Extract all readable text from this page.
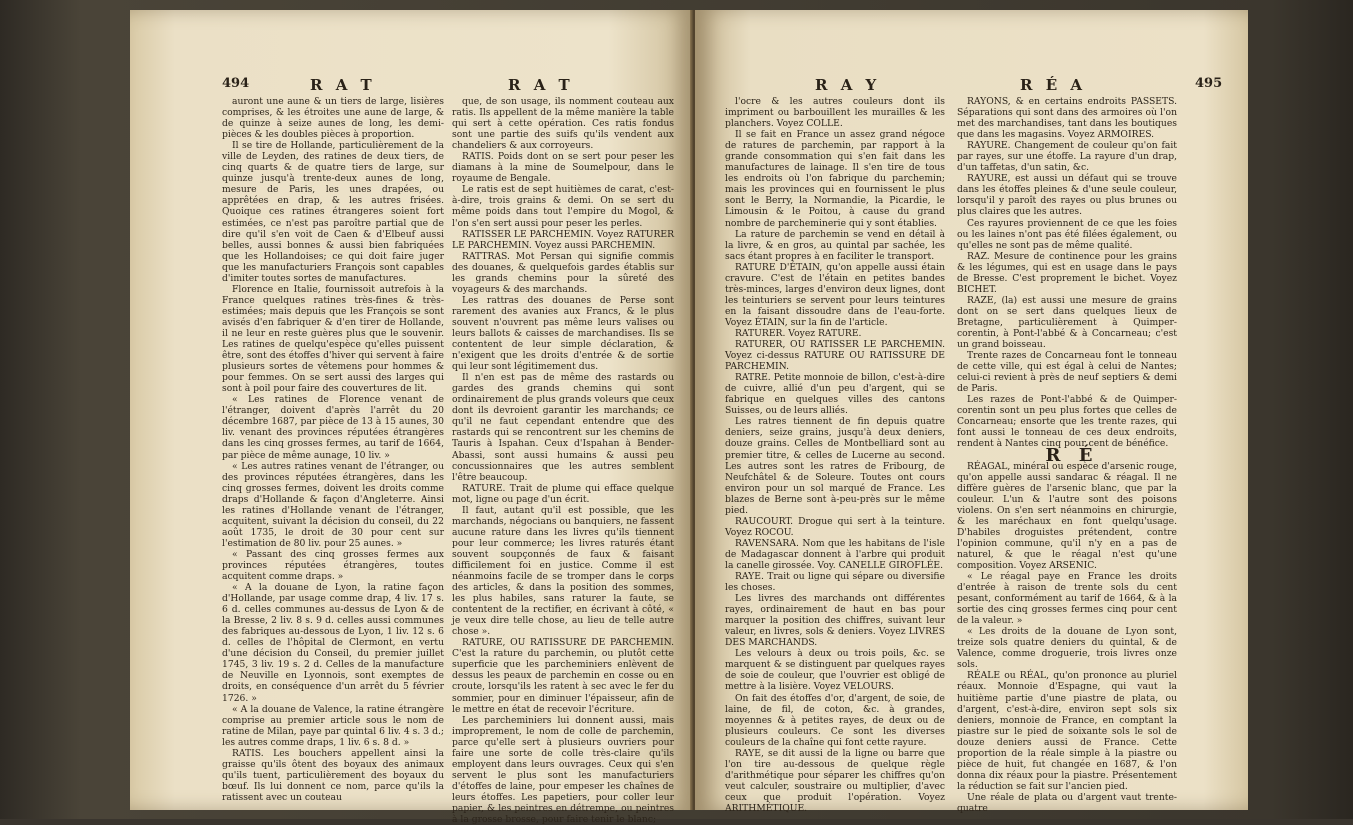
494	R A T	R A T

auront une aune & un tiers de large, lisières comprises, & les étroites une aune de large, & de quinze à seize aunes de long, les demi-pièces & les doubles pièces à proportion.

Il se tire de Hollande, particulièrement de la ville de Leyden, des ratines de deux tiers, de cinq quarts & de quatre tiers de large, sur quinze jusqu'à trente-deux aunes de long, mesure de Paris, les unes drapées, ou apprêtées en drap, & les autres frisées. Quoique ces ratines étrangeres soient fort estimées, ce n'est pas paroître partial que de dire qu'il s'en voit de Caen & d'Elbeuf aussi belles, aussi bonnes & aussi bien fabriquées que les Hollandoises; ce qui doit faire juger que les manufacturiers François sont capables d'imiter toutes sortes de manufactures.

Florence en Italie, fournissoit autrefois à la France quelques ratines très-fines & très-estimées; mais depuis que les François se sont avisés d'en fabriquer & d'en tirer de Hollande, il ne leur en reste guères plus que le souvenir. Les ratines de quelqu'espèce qu'elles puissent être, sont des étoffes d'hiver qui servent à faire plusieurs sortes de vêtemens pour hommes & pour femmes. On se sert aussi des larges qui sont à poil pour faire des couvertures de lit.

« Les ratines de Florence venant de l'étranger, doivent d'après l'arrêt du 20 décembre 1687, par pièce de 13 à 15 aunes, 30 liv. venant des provinces réputées étrangères dans les cinq grosses fermes, au tarif de 1664, par pièce de même aunage, 10 liv. »

« Les autres ratines venant de l'étranger, ou des provinces réputées étrangères, dans les cinq grosses fermes, doivent les droits comme draps d'Hollande & façon d'Angleterre. Ainsi les ratines d'Hollande venant de l'étranger, acquitent, suivant la décision du conseil, du 22 août 1735, le droit de 30 pour cent sur l'estimation de 80 liv. pour 25 aunes. »

« Passant des cinq grosses fermes aux provinces réputées étrangères, toutes acquitent comme draps. »

« A la douane de Lyon, la ratine façon d'Hollande, par usage comme drap, 4 liv. 17 s. 6 d. celles communes au-dessus de Lyon & de la Bresse, 2 liv. 8 s. 9 d. celles aussi communes des fabriques au-dessous de Lyon, 1 liv. 12 s. 6 d. celles de l'hôpital de Clermont, en vertu d'une décision du Conseil, du premier juillet 1745, 3 liv. 19 s. 2 d. Celles de la manufacture de Neuville en Lyonnois, sont exemptes de droits, en conséquence d'un arrêt du 5 février 1726. »

« A la douane de Valence, la ratine étrangère comprise au premier article sous le nom de ratine de Milan, paye par quintal 6 liv. 4 s. 3 d.; les autres comme draps, 1 liv. 6 s. 8 d. »

RATIS. Les bouchers appellent ainsi la graisse qu'ils ôtent des boyaux des animaux qu'ils tuent, particulièrement des boyaux du bœuf. Ils lui donnent ce nom, parce qu'ils la ratissent avec un couteau

que, de son usage, ils nomment couteau aux ratis. Ils appellent de la même manière la table qui sert à cette opération. Ces ratis fondus sont une partie des suifs qu'ils vendent aux chandeliers & aux corroyeurs.

RATIS. Poids dont on se sert pour peser les diamans à la mine de Soumelpour, dans le royaume de Bengale.

Le ratis est de sept huitièmes de carat, c'est-à-dire, trois grains & demi. On se sert du même poids dans tout l'empire du Mogol, & l'on s'en sert aussi pour peser les perles.

RATISSER LE PARCHEMIN. Voyez RATURER LE PARCHEMIN. Voyez aussi PARCHEMIN.

RATTRAS. Mot Persan qui signifie commis des douanes, & quelquefois gardes établis sur les grands chemins pour la sûreté des voyageurs & des marchands.

Les rattras des douanes de Perse sont rarement des avanies aux Francs, & le plus souvent n'ouvrent pas même leurs valises ou leurs ballots & caisses de marchandises. Ils se contentent de leur simple déclaration, & n'exigent que les droits d'entrée & de sortie qui leur sont légitimement dus.

Il n'en est pas de même des rastards ou gardes des grands chemins qui sont ordinairement de plus grands voleurs que ceux dont ils devroient garantir les marchands; ce qu'il ne faut cependant entendre que des rastards qui se rencontrent sur les chemins de Tauris à Ispahan. Ceux d'Ispahan à Bender-Abassi, sont aussi humains & aussi peu concussionnaires que les autres semblent l'être beaucoup.

RATURE. Trait de plume qui efface quelque mot, ligne ou page d'un écrit.

Il faut, autant qu'il est possible, que les marchands, négocians ou banquiers, ne fassent aucune rature dans les livres qu'ils tiennent pour leur commerce; les livres raturés étant souvent soupçonnés de faux & faisant difficilement foi en justice. Comme il est néanmoins facile de se tromper dans le corps des articles, & dans la position des sommes, les plus habiles, sans raturer la faute, se contentent de la rectifier, en écrivant à côté, « je veux dire telle chose, au lieu de telle autre chose ».

RATURE, OU RATISSURE DE PARCHEMIN. C'est la rature du parchemin, ou plutôt cette superficie que les parcheminiers enlèvent de dessus les peaux de parchemin en cosse ou en croute, lorsqu'ils les ratent à sec avec le fer du sommier, pour en diminuer l'épaisseur, afin de le mettre en état de recevoir l'écriture.

Les parcheminiers lui donnent aussi, mais improprement, le nom de colle de parchemin, parce qu'elle sert à plusieurs ouvriers pour faire une sorte de colle très-claire qu'ils employent dans leurs ouvrages. Ceux qui s'en servent le plus sont les manufacturiers d'étoffes de laine, pour empeser les chaînes de leurs étoffes. Les papetiers, pour coller leur papier, & les peintres en détrempe, ou peintres à la grosse brosse, pour faire tenir le blanc;

R A Y	R É A	495

l'ocre & les autres couleurs dont ils impriment ou barbouillent les murailles & les planchers. Voyez COLLE.

Il se fait en France un assez grand négoce de ratures de parchemin, par rapport à la grande consommation qui s'en fait dans les manufactures de lainage. Il s'en tire de tous les endroits où l'on fabrique du parchemin; mais les provinces qui en fournissent le plus sont le Berry, la Normandie, la Picardie, le Limousin & le Poitou, à cause du grand nombre de parcheminerie qui y sont établies.

La rature de parchemin se vend en détail à la livre, & en gros, au quintal par sachée, les sacs étant propres à en faciliter le transport.

RATURE D'ÉTAIN, qu'on appelle aussi étain cravure. C'est de l'étain en petites bandes très-minces, larges d'environ deux lignes, dont les teinturiers se servent pour leurs teintures en la faisant dissoudre dans de l'eau-forte. Voyez ÉTAIN, sur la fin de l'article.

RATURER. Voyez RATURE.

RATURER, OU RATISSER LE PARCHEMIN. Voyez ci-dessus RATURE OU RATISSURE DE PARCHEMIN.

RATRE. Petite monnoie de billon, c'est-à-dire de cuivre, allié d'un peu d'argent, qui se fabrique en quelques villes des cantons Suisses, ou de leurs alliés.

Les ratres tiennent de fin depuis quatre deniers, seize grains, jusqu'à deux deniers, douze grains. Celles de Montbelliard sont au premier titre, & celles de Lucerne au second. Les autres sont les ratres de Fribourg, de Neufchâtel & de Soleure. Toutes ont cours environ pour un sol marqué de France. Les blazes de Berne sont à-peu-près sur le même pied.

RAUCOURT. Drogue qui sert à la teinture. Voyez ROCOU.

RAVENSARA. Nom que les habitans de l'isle de Madagascar donnent à l'arbre qui produit la canelle girossée. Voy. CANELLE GIROFLÉE.

RAYE. Trait ou ligne qui sépare ou diversifie les choses.

Les livres des marchands ont différentes rayes, ordinairement de haut en bas pour marquer la position des chiffres, suivant leur valeur, en livres, sols & deniers. Voyez LIVRES DES MARCHANDS.

Les velours à deux ou trois poils, &c. se marquent & se distinguent par quelques rayes de soie de couleur, que l'ouvrier est obligé de mettre à la lisière. Voyez VELOURS.

On fait des étoffes d'or, d'argent, de soie, de laine, de fil, de coton, &c. à grandes, moyennes & à petites rayes, de deux ou de plusieurs couleurs. Ce sont les diverses couleurs de la chaîne qui font cette rayure.

RAYE, se dit aussi de la ligne ou barre que l'on tire au-dessous de quelque règle d'arithmétique pour séparer les chiffres qu'on veut calculer, soustraire ou multiplier, d'avec ceux que produit l'opération. Voyez ARITHMÉTIQUE.

RAYONS, & en certains endroits PASSETS. Séparations qui sont dans des armoires où l'on met des marchandises, tant dans les boutiques que dans les magasins. Voyez ARMOIRES.

RAYURE. Changement de couleur qu'on fait par rayes, sur une étoffe. La rayure d'un drap, d'un taffetas, d'un satin, &c.

RAYURE, est aussi un défaut qui se trouve dans les étoffes pleines & d'une seule couleur, lorsqu'il y paroît des rayes ou plus brunes ou plus claires que les autres.

Ces rayures proviennent de ce que les foies ou les laines n'ont pas été filées également, ou qu'elles ne sont pas de même qualité.

RAZ. Mesure de continence pour les grains & les légumes, qui est en usage dans le pays de Bresse. C'est proprement le bichet. Voyez BICHET.

RAZE, (la) est aussi une mesure de grains dont on se sert dans quelques lieux de Bretagne, particulièrement à Quimper-corentin, à Pont-l'abbé & à Concarneau; c'est un grand boisseau.

Trente razes de Concarneau font le tonneau de cette ville, qui est égal à celui de Nantes; celui-ci revient à près de neuf septiers & demi de Paris.

Les razes de Pont-l'abbé & de Quimper-corentin sont un peu plus fortes que celles de Concarneau; ensorte que les trente razes, qui font aussi le tonneau de ces deux endroits, rendent à Nantes cinq pour cent de bénéfice.

R É

RÉAGAL, minéral ou espèce d'arsenic rouge, qu'on appelle aussi sandarac & réagal. Il ne diffère guères de l'arsenic blanc, que par la couleur. L'un & l'autre sont des poisons violens. On s'en sert néanmoins en chirurgie, & les maréchaux en font quelqu'usage. D'habiles droguistes prétendent, contre l'opinion commune, qu'il n'y en a pas de naturel, & que le réagal n'est qu'une composition. Voyez ARSENIC.

« Le réagal paye en France les droits d'entrée à raison de trente sols du cent pesant, conformément au tarif de 1664, & à la sortie des cinq grosses fermes cinq pour cent de la valeur. »

« Les droits de la douane de Lyon sont, treize sols quatre deniers du quintal, & de Valence, comme droguerie, trois livres onze sols.

RÉALE ou RÉAL, qu'on prononce au pluriel réaux. Monnoie d'Espagne, qui vaut la huitième partie d'une piastre de plata, ou d'argent, c'est-à-dire, environ sept sols six deniers, monnoie de France, en comptant la piastre sur le pied de soixante sols le sol de douze deniers aussi de France. Cette proportion de la réale simple à la piastre ou pièce de huit, fut changée en 1687, & l'on donna dix réaux pour la piastre. Présentement la réduction se fait sur l'ancien pied.

Une réale de plata ou d'argent vaut trente-quatre
